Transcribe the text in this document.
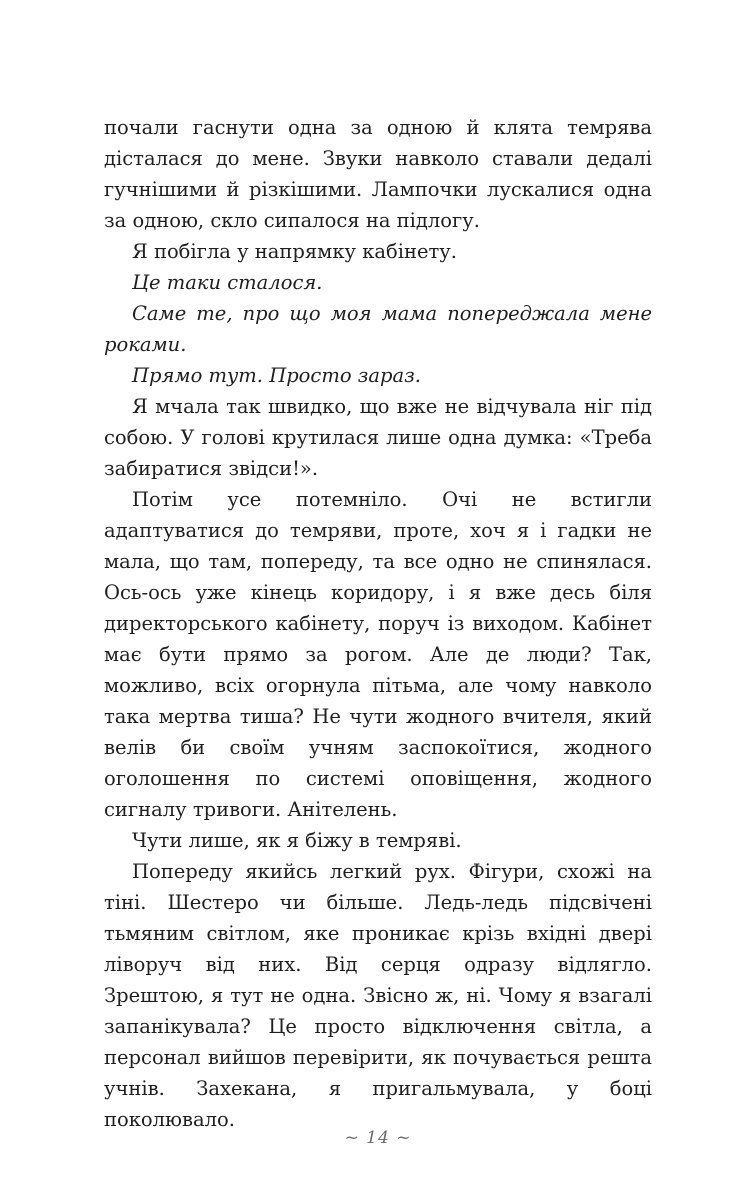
почали гаснути одна за одною й клята темрява дісталася до мене. Звуки навколо ставали дедалі гучнішими й різкішими. Лампочки лускалися одна за одною, скло сипалося на підлогу.

Я побігла у напрямку кабінету.

Це таки сталося.

Саме те, про що моя мама попереджала мене роками.

Прямо тут. Просто зараз.

Я мчала так швидко, що вже не відчувала ніг під собою. У голові крутилася лише одна думка: «Треба забиратися звідси!».

Потім усе потемніло. Очі не встигли адаптуватися до темряви, проте, хоч я і гадки не мала, що там, попереду, та все одно не спинялася. Ось-ось уже кінець коридору, і я вже десь біля директорського кабінету, поруч із виходом. Кабінет має бути прямо за рогом. Але де люди? Так, можливо, всіх огорнула пітьма, але чому навколо така мертва тиша? Не чути жодного вчителя, який велів би своїм учням заспокоїтися, жодного оголошення по системі оповіщення, жодного сигналу тривоги. Анітелень.

Чути лише, як я біжу в темряві.

Попереду якийсь легкий рух. Фігури, схожі на тіні. Шестеро чи більше. Ледь-ледь підсвічені тьмяним світлом, яке проникає крізь вхідні двері ліворуч від них. Від серця одразу відлягло. Зрештою, я тут не одна. Звісно ж, ні. Чому я взагалі запанікувала? Це просто відключення світла, а персонал вийшов перевірити, як почувається решта учнів. Захекана, я пригальмувала, у боці поколювало.

~ 14 ~
